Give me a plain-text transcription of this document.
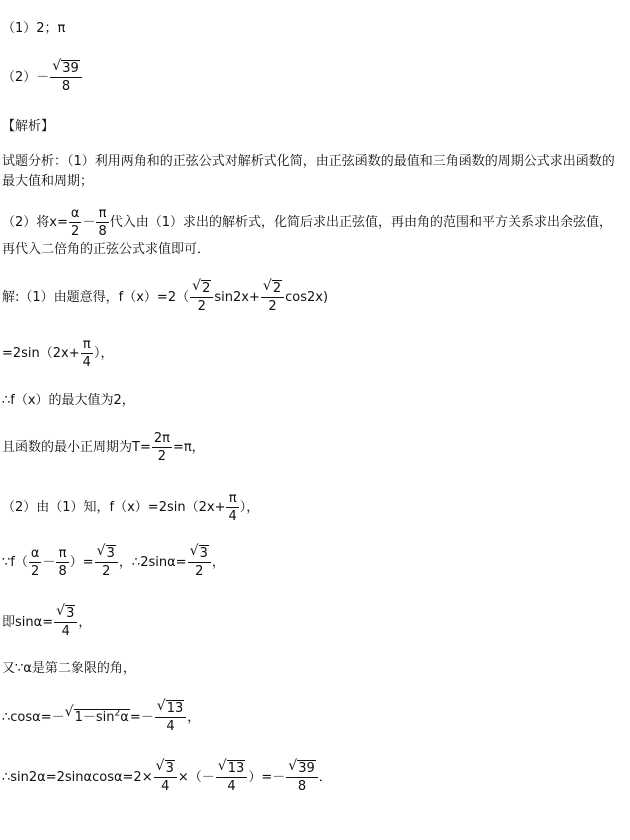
（1）2；π
$(2)- \frac{√ 39}{8}$
【解析】
试题分析：（1）利用两角和的正弦公式对解析式化简，由正弦函数的最值和三角函数的周期公式求出函数的最大值和周期；
（2）将$x= \frac{\alpha}{2} - \frac{\pi}{8}$ 代入由（1）求出的解析式，化简后求出正弦值，再由角的范围和平方关系求出余弦值，再代入二倍角的正弦公式求值即可．
解:（1）由题意得，$f(x)=2( \frac{√ 2}{2} \sin 2x+ \frac{√ 2}{2} \cos 2x)$
$=2\sin(2x+ \frac{\pi}{4}$ ），
∴f（x）的最大值为2，
且函数的最小正周期为$T= \frac{2\pi}{2} =\pi$，
（2）由（1）知，$f(x)=2\sin(2x+ \frac{\pi}{4}$ ），
∵f（ $\frac{\alpha}{2} - \frac{\pi}{8}$ ）= $\frac{√ 3}{2}$ ，∴2sinα= $\frac{√ 3}{2}$ ，
即$\sin\alpha= \frac{√ 3}{4}$ ，
又∵α是第二象限的角，
∴cosα=－ √ $1-\sin^2\alpha=- \frac{√ 13}{4}$ ，
∴sin2α=2sinαcosα=2× $\frac{√ 3}{4}$ ×（－ $\frac{√ 13}{4}$ ）=－ $\frac{√ 39}{8}$ ．
